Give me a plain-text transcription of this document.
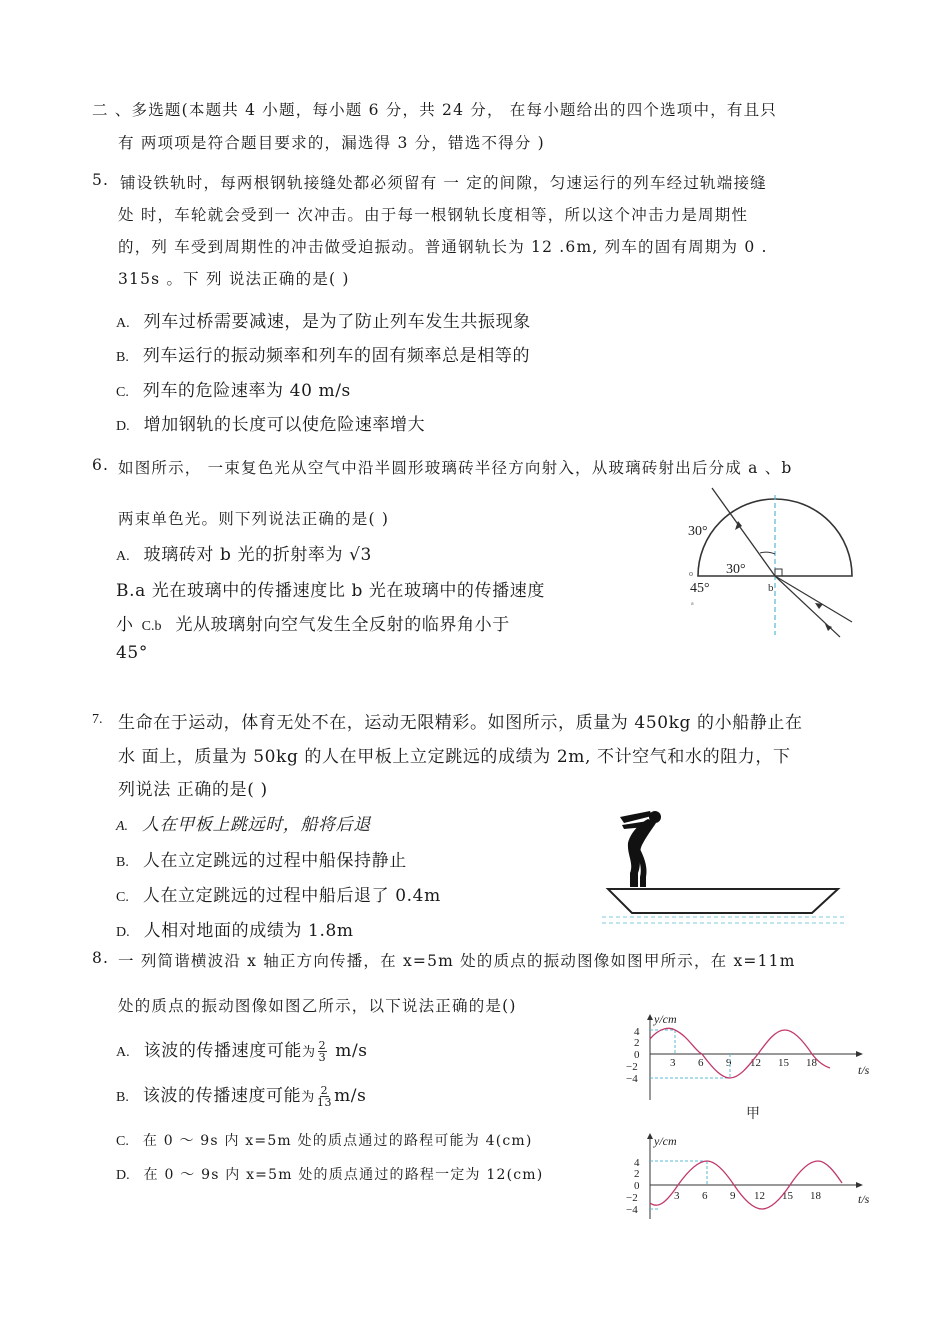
二 、多选题(本题共 4 小题，每小题 6 分，共 24 分， 在每小题给出的四个选项中，有且只
有 两项项是符合题目要求的，漏选得 3 分，错选不得分 )
5. 铺设铁轨时，每两根钢轨接缝处都必须留有 一 定的间隙，匀速运行的列车经过轨端接缝
处 时，车轮就会受到一 次冲击。由于每一根钢轨长度相等，所以这个冲击力是周期性
的，列 车受到周期性的冲击做受迫振动。普通钢轨长为 12 .6m, 列车的固有周期为 0 .
315s 。下 列 说法正确的是( )
A. 列车过桥需要减速，是为了防止列车发生共振现象
B. 列车运行的振动频率和列车的固有频率总是相等的
C. 列车的危险速率为 40 m/s
D. 增加钢轨的长度可以使危险速率增大
6. 如图所示， 一束复色光从空气中沿半圆形玻璃砖半径方向射入，从玻璃砖射出后分成 a 、b
两束单色光。则下列说法正确的是( )
A. 玻璃砖对 b 光的折射率为 √3
B.a 光在玻璃中的传播速度比 b 光在玻璃中的传播速度
小 C.b 光从玻璃射向空气发生全反射的临界角小于
45°
30°
30°
45°
o
b
a
7. 生命在于运动，体育无处不在，运动无限精彩。如图所示，质量为 450kg 的小船静止在
水 面上，质量为 50kg 的人在甲板上立定跳远的成绩为 2m, 不计空气和水的阻力，下
列说法 正确的是( )
A. 人在甲板上跳远时，船将后退
B. 人在立定跳远的过程中船保持静止
C. 人在立定跳远的过程中船后退了 0.4m
D. 人相对地面的成绩为 1.8m
8. 一 列简谐横波沿 x 轴正方向传播，在 x=5m 处的质点的振动图像如图甲所示，在 x=11m
处的质点的振动图像如图乙所示，以下说法正确的是()
A. 该波的传播速度可能为 $\frac{2}{3} m/s$
B. 该波的传播速度可能为 $\frac{2}{13} m/s$
C. 在 0 ～ 9s 内 x=5m 处的质点通过的路程可能为 4(cm)
D. 在 0 ～ 9s 内 x=5m 处的质点通过的路程一定为 12(cm)
y/cm
t/s
4
2
0
−2
−4
3 6 9 12 15 18
甲
y/cm
t/s
4
2
0
−2
−4
3 6 9 12 15 18
